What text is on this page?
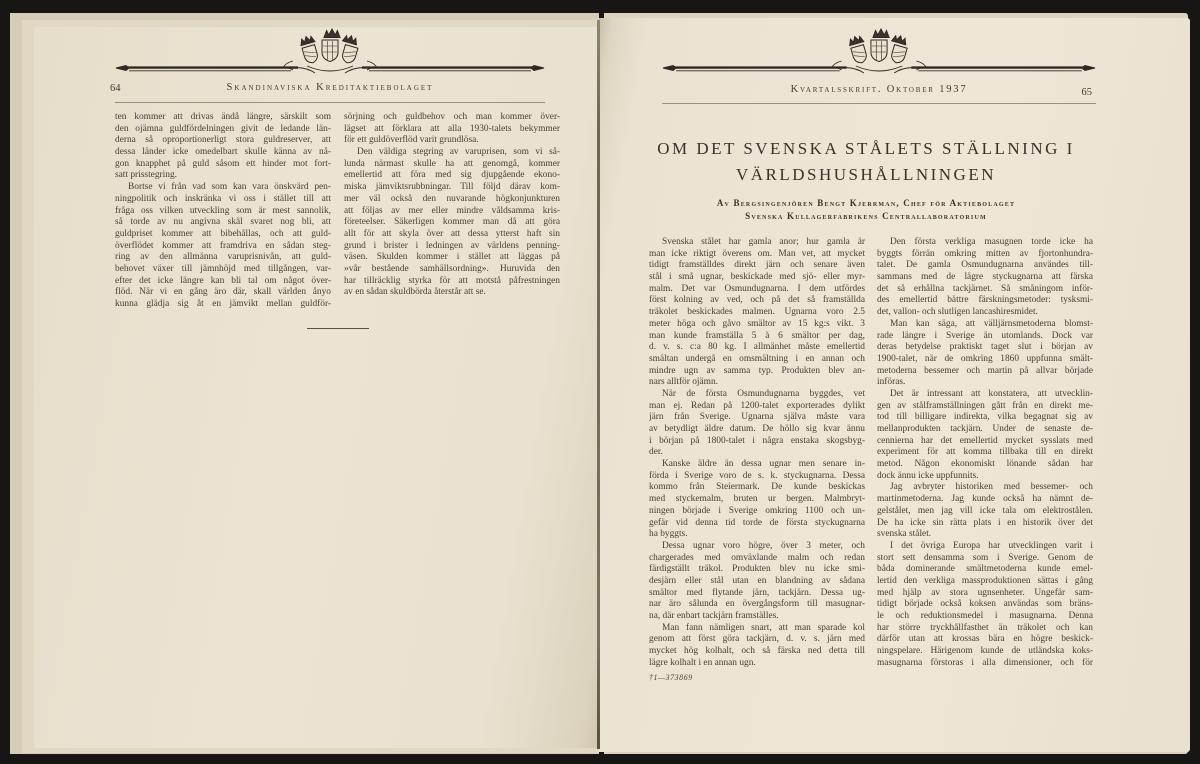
64	Skandinaviska Kreditaktiebolaget
ten kommer att drivas ändå längre, särskilt som
den ojämna guldfördelningen givit de ledande län-
derna så oproportionerligt stora guldreserver, att
dessa länder icke omedelbart skulle känna av nå-
gon knapphet på guld såsom ett hinder mot fort-
satt prisstegring.
Bortse vi från vad som kan vara önskvärd pen-
ningpolitik och inskränka vi oss i stället till att
fråga oss vilken utveckling som är mest sannolik,
så torde av nu angivna skäl svaret nog bli, att
guldpriset kommer att bibehållas, och att guld-
överflödet kommer att framdriva en sådan steg-
ring av den allmänna varuprisnivån, att guld-
behovet växer till jämnhöjd med tillgången, var-
efter det icke längre kan bli tal om något över-
flöd. När vi en gång äro där, skall världen ånyo
kunna glädja sig åt en jämvikt mellan guldför-
sörjning och guldbehov och man kommer över-
lägset att förklara att alla 1930-talets bekymmer
för ett guldöverflöd varit grundlösa.
Den väldiga stegring av varuprisen, som vi så-
lunda närmast skulle ha att genomgå, kommer
emellertid att föra med sig djupgående ekono-
miska jämviktsrubbningar. Till följd därav kom-
mer väl också den nuvarande högkonjunkturen
att följas av mer eller mindre våldsamma kris-
företeelser. Säkerligen kommer man då att göra
allt för att skyla över att dessa ytterst haft sin
grund i brister i ledningen av världens penning-
väsen. Skulden kommer i stället att läggas på
»vår bestående samhällsordning». Huruvida den
har tillräcklig styrka för att motstå påfrestningen
av en sådan skuldbörda återstår att se.
Kvartalsskrift. Oktober 1937	65
OM DET SVENSKA STÅLETS STÄLLNING I
VÄRLDSHUSHÅLLNINGEN
Av Bergsingenjören Bengt Kjerrman, Chef för Aktiebolaget
Svenska Kullagerfabrikens Centrallaboratorium
Svenska stålet har gamla anor; hur gamla är
man icke riktigt överens om. Man vet, att mycket
tidigt framställdes direkt järn och senare även
stål i små ugnar, beskickade med sjö- eller myr-
malm. Det var Osmundugnarna. I dem utfördes
först kolning av ved, och på det så framställda
träkolet beskickades malmen. Ugnarna voro 2.5
meter höga och gåvo smältor av 15 kg:s vikt. 3
man kunde framställa 5 à 6 smältor per dag,
d. v. s. c:a 80 kg. I allmänhet måste emellertid
smältan undergå en omsmältning i en annan och
mindre ugn av samma typ. Produkten blev an-
nars alltför ojämn.
När de första Osmundugnarna byggdes, vet
man ej. Redan på 1200-talet exporterades dylikt
järn från Sverige. Ugnarna själva måste vara
av betydligt äldre datum. De höllo sig kvar ännu
i början på 1800-talet i några enstaka skogsbyg-
der.
Kanske äldre än dessa ugnar men senare in-
förda i Sverige voro de s. k. styckugnarna. Dessa
kommo från Steiermark. De kunde beskickas
med styckemalm, bruten ur bergen. Malmbryt-
ningen började i Sverige omkring 1100 och un-
gefär vid denna tid torde de första styckugnarna
ha byggts.
Dessa ugnar voro högre, över 3 meter, och
chargerades med omväxlande malm och redan
färdigställt träkol. Produkten blev nu icke smi-
desjärn eller stål utan en blandning av sådana
smältor med flytande järn, tackjärn. Dessa ug-
nar äro sålunda en övergångsform till masugnar-
na, där enbart tackjärn framställes.
Man fann nämligen snart, att man sparade kol
genom att först göra tackjärn, d. v. s. järn med
mycket hög kolhalt, och så färska ned detta till
lägre kolhalt i en annan ugn.
Den första verkliga masugnen torde icke ha
byggts förrän omkring mitten av fjortonhundra-
talet. De gamla Osmundugnarna användes till-
sammans med de lägre styckugnarna att färska
det så erhållna tackjärnet. Så småningom inför-
des emellertid bättre färskningsmetoder: tysksmi-
det, vallon- och slutligen lancashiresmidet.
Man kan säga, att välljärnsmetoderna blomst-
rade längre i Sverige än utomlands. Dock var
deras betydelse praktiskt taget slut i början av
1900-talet, när de omkring 1860 uppfunna smält-
metoderna bessemer och martin på allvar började
införas.
Det är intressant att konstatera, att utvecklin-
gen av stålframställningen gått från en direkt me-
tod till billigare indirekta, vilka begagnat sig av
mellanprodukten tackjärn. Under de senaste de-
cennierna har det emellertid mycket sysslats med
experiment för att komma tillbaka till en direkt
metod. Någon ekonomiskt lönande sådan har
dock ännu icke uppfunnits.
Jag avbryter historiken med bessemer- och
martinmetoderna. Jag kunde också ha nämnt de-
gelstålet, men jag vill icke tala om elektrostålen.
De ha icke sin rätta plats i en historik över det
svenska stålet.
I det övriga Europa har utvecklingen varit i
stort sett densamma som i Sverige. Genom de
båda dominerande smältmetoderna kunde emel-
lertid den verkliga massproduktionen sättas i gång
med hjälp av stora ugnsenheter. Ungefär sam-
tidigt började också koksen användas som bräns-
le och reduktionsmedel i masugnarna. Denna
har större tryckhållfasthet än träkolet och kan
därför utan att krossas bära en högre beskick-
ningspelare. Härigenom kunde de utländska koks-
masugnarna förstoras i alla dimensioner, och för
†1—373869
